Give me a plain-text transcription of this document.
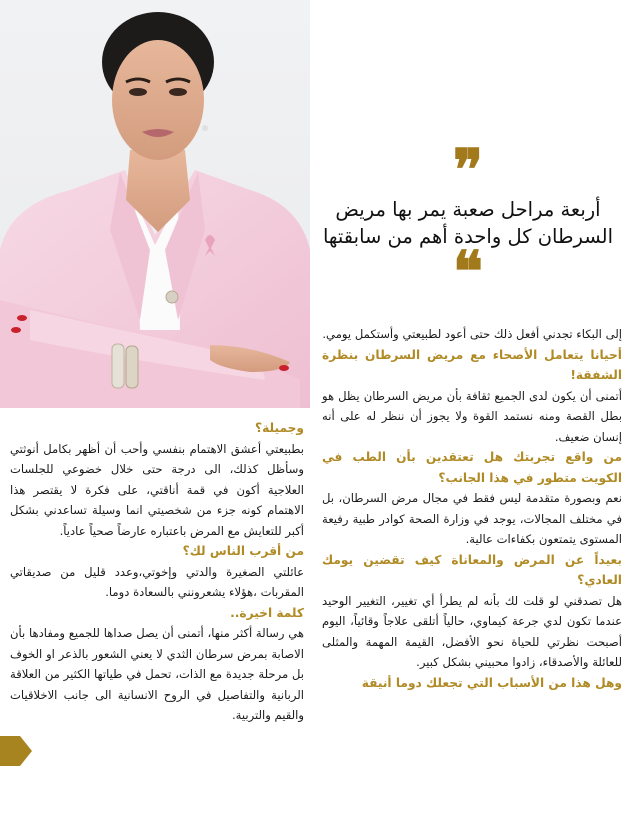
❞
أربعة مراحل صعبة يمر بها مريض السرطان كل واحدة أهم من سابقتها
❝

إلى البكاء تجدني أفعل ذلك حتى أعود لطبيعتي وأستكمل يومي.

أحيانا يتعامل الأصحاء مع مريض السرطان بنظرة الشفقة!

أتمنى أن يكون لدى الجميع ثقافة بأن مريض السرطان يظل هو بطل القصة ومنه نستمد القوة ولا يجوز أن ننظر له على أنه إنسان ضعيف.

من واقع تجربتك هل تعتقدين بأن الطب في الكويت متطور في هذا الجانب؟

نعم وبصورة متقدمة ليس فقط في مجال مرض السرطان، بل في مختلف المجالات، يوجد في وزارة الصحة كوادر طبية رفيعة المستوى يتمتعون بكفاءات عالية.

بعيداً عن المرض والمعاناة كيف تقضين يومك العادي؟

هل تصدقني لو قلت لك بأنه لم يطرأ أي تغيير، التغيير الوحيد عندما تكون لدي جرعة كيماوي، حالياً أتلقى علاجاً وقائياً، اليوم أصبحت نظرتي للحياة نحو الأفضل، القيمة المهمة والمثلى للعائلة والأصدقاء، زادوا محبيني بشكل كبير.

وهل هذا من الأسباب التي تجعلك دوما أنيقة

وجميلة؟

بطبيعتي أعشق الاهتمام بنفسي وأحب أن أظهر بكامل أنوثتي وسأظل كذلك، الى درجة حتى خلال خضوعي للجلسات العلاجية أكون في قمة أناقتي، على فكرة لا يقتصر هذا الاهتمام كونه جزء من شخصيتي انما وسيلة تساعدني بشكل أكبر للتعايش مع المرض باعتباره عارضاً صحياً عادياً.

من أقرب الناس لك؟

عائلتي الصغيرة والدتي وإخوتي،وعدد قليل من صديقاتي المقربات ،هؤلاء يشعرونني بالسعادة دوما.

كلمة اخيرة..

هي رسالة أكثر منها، أتمنى أن يصل صداها للجميع ومفادها بأن الاصابة بمرض سرطان الثدي لا يعني الشعور بالذعر او الخوف بل مرحلة جديدة مع الذات، تحمل في طياتها الكثير من العلاقة الربانية والتفاصيل في الروح الانسانية الى جانب الاخلاقيات والقيم والتربية.
